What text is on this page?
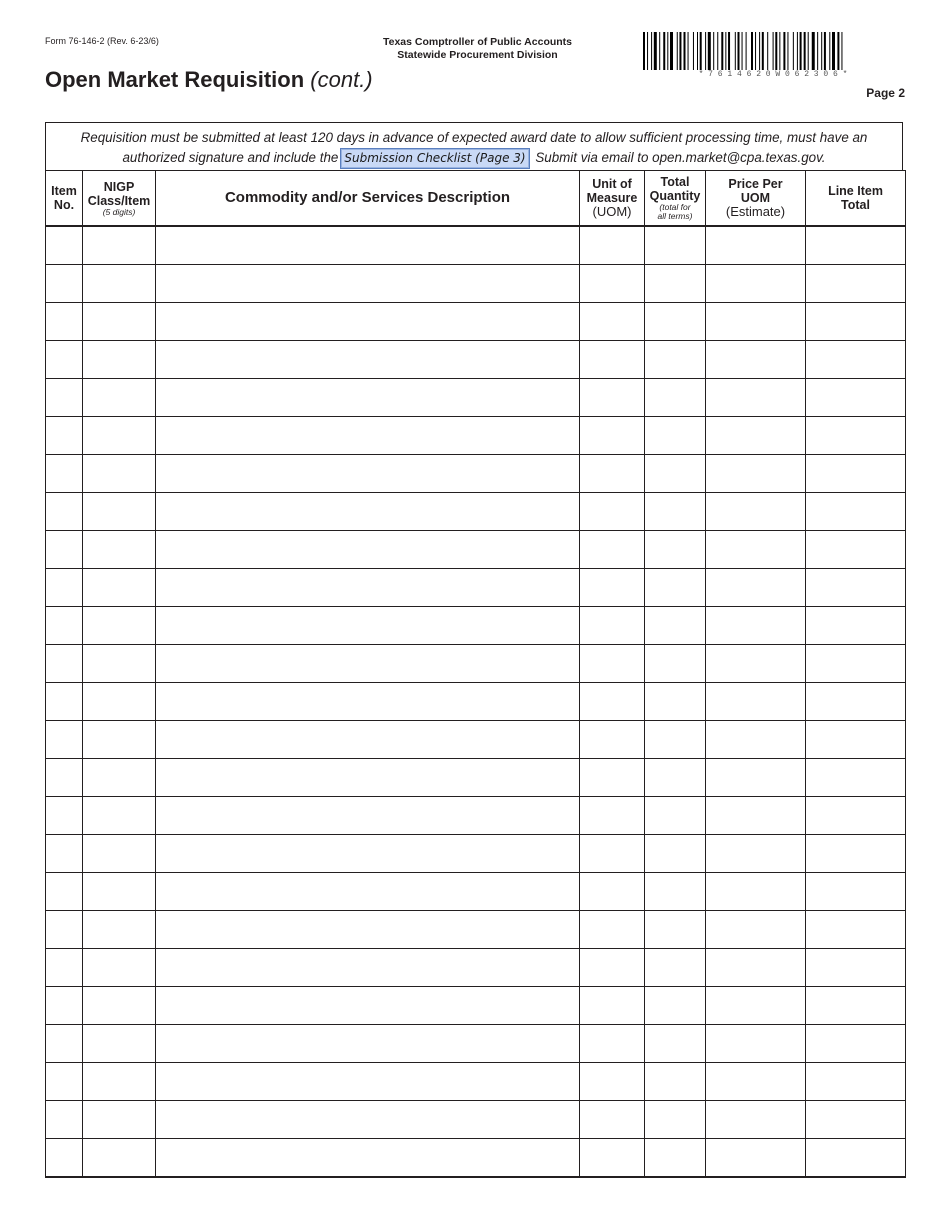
Form 76-146-2 (Rev. 6-23/6)	Texas Comptroller of Public Accounts
Statewide Procurement Division
Open Market Requisition (cont.)	* 7 6 1 4 6 2 0 W 0 6 2 3 0 6 *
Page 2
Requisition must be submitted at least 120 days in advance of expected award date to allow sufficient processing time, must have an
authorized signature and include the Submission Checklist (Page 3) Submit via email to open.market@cpa.texas.gov.
Item
No.	NIGP
Class/Item
(5 digits)	Commodity and/or Services Description	Unit of
Measure
(UOM)	Total
Quantity
(total for
all terms)	Price Per
UOM
(Estimate)	Line Item
Total
